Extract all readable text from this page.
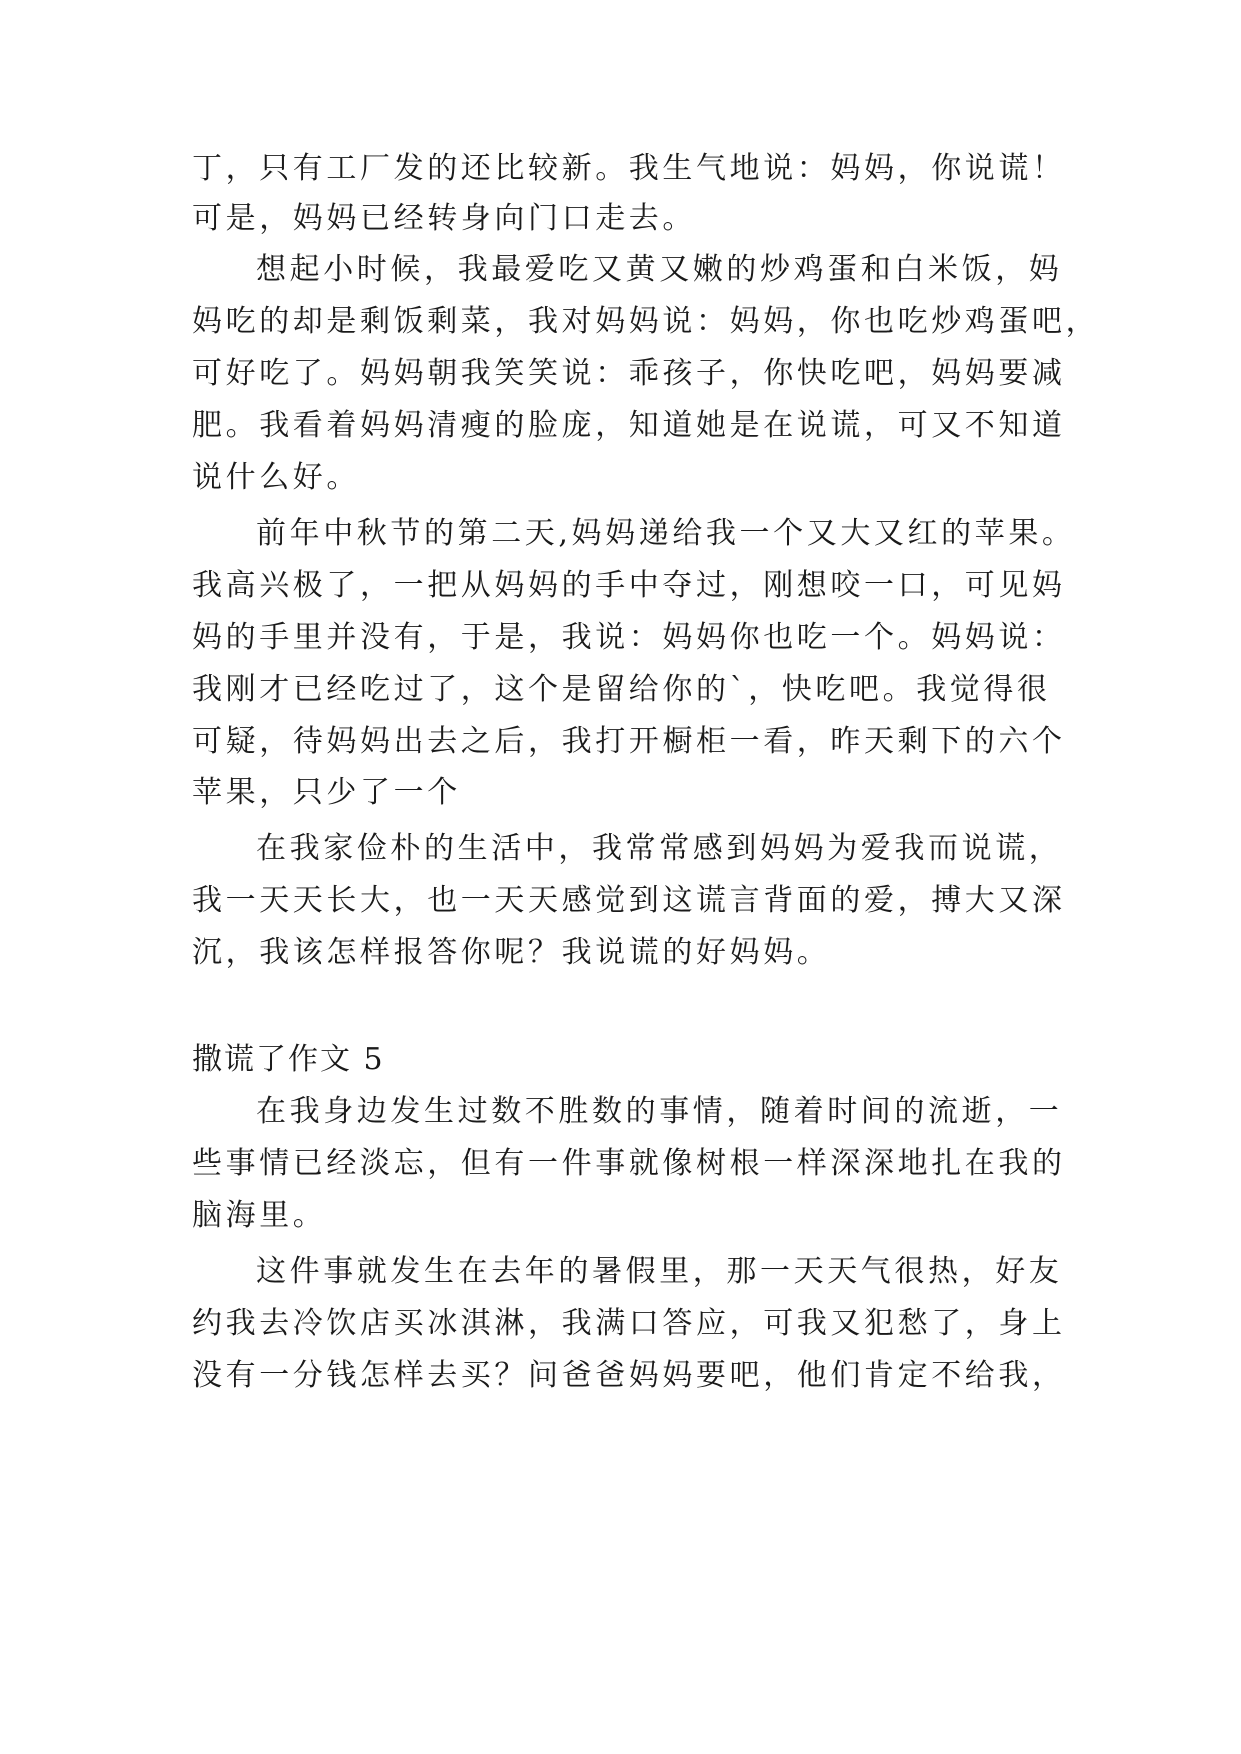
丁，只有工厂发的还比较新。我生气地说：妈妈，你说谎！
可是，妈妈已经转身向门口走去。
想起小时候，我最爱吃又黄又嫩的炒鸡蛋和白米饭，妈
妈吃的却是剩饭剩菜，我对妈妈说：妈妈，你也吃炒鸡蛋吧，
可好吃了。妈妈朝我笑笑说：乖孩子，你快吃吧，妈妈要减
肥。我看着妈妈清瘦的脸庞，知道她是在说谎，可又不知道
说什么好。
前年中秋节的第二天,妈妈递给我一个又大又红的苹果。
我高兴极了，一把从妈妈的手中夺过，刚想咬一口，可见妈
妈的手里并没有，于是，我说：妈妈你也吃一个。妈妈说：
我刚才已经吃过了，这个是留给你的`，快吃吧。我觉得很
可疑，待妈妈出去之后，我打开橱柜一看，昨天剩下的六个
苹果，只少了一个
在我家俭朴的生活中，我常常感到妈妈为爱我而说谎，
我一天天长大，也一天天感觉到这谎言背面的爱，搏大又深
沉，我该怎样报答你呢？我说谎的好妈妈。
撒谎了作文 5
在我身边发生过数不胜数的事情，随着时间的流逝，一
些事情已经淡忘，但有一件事就像树根一样深深地扎在我的
脑海里。
这件事就发生在去年的暑假里，那一天天气很热，好友
约我去冷饮店买冰淇淋，我满口答应，可我又犯愁了，身上
没有一分钱怎样去买？问爸爸妈妈要吧，他们肯定不给我，
